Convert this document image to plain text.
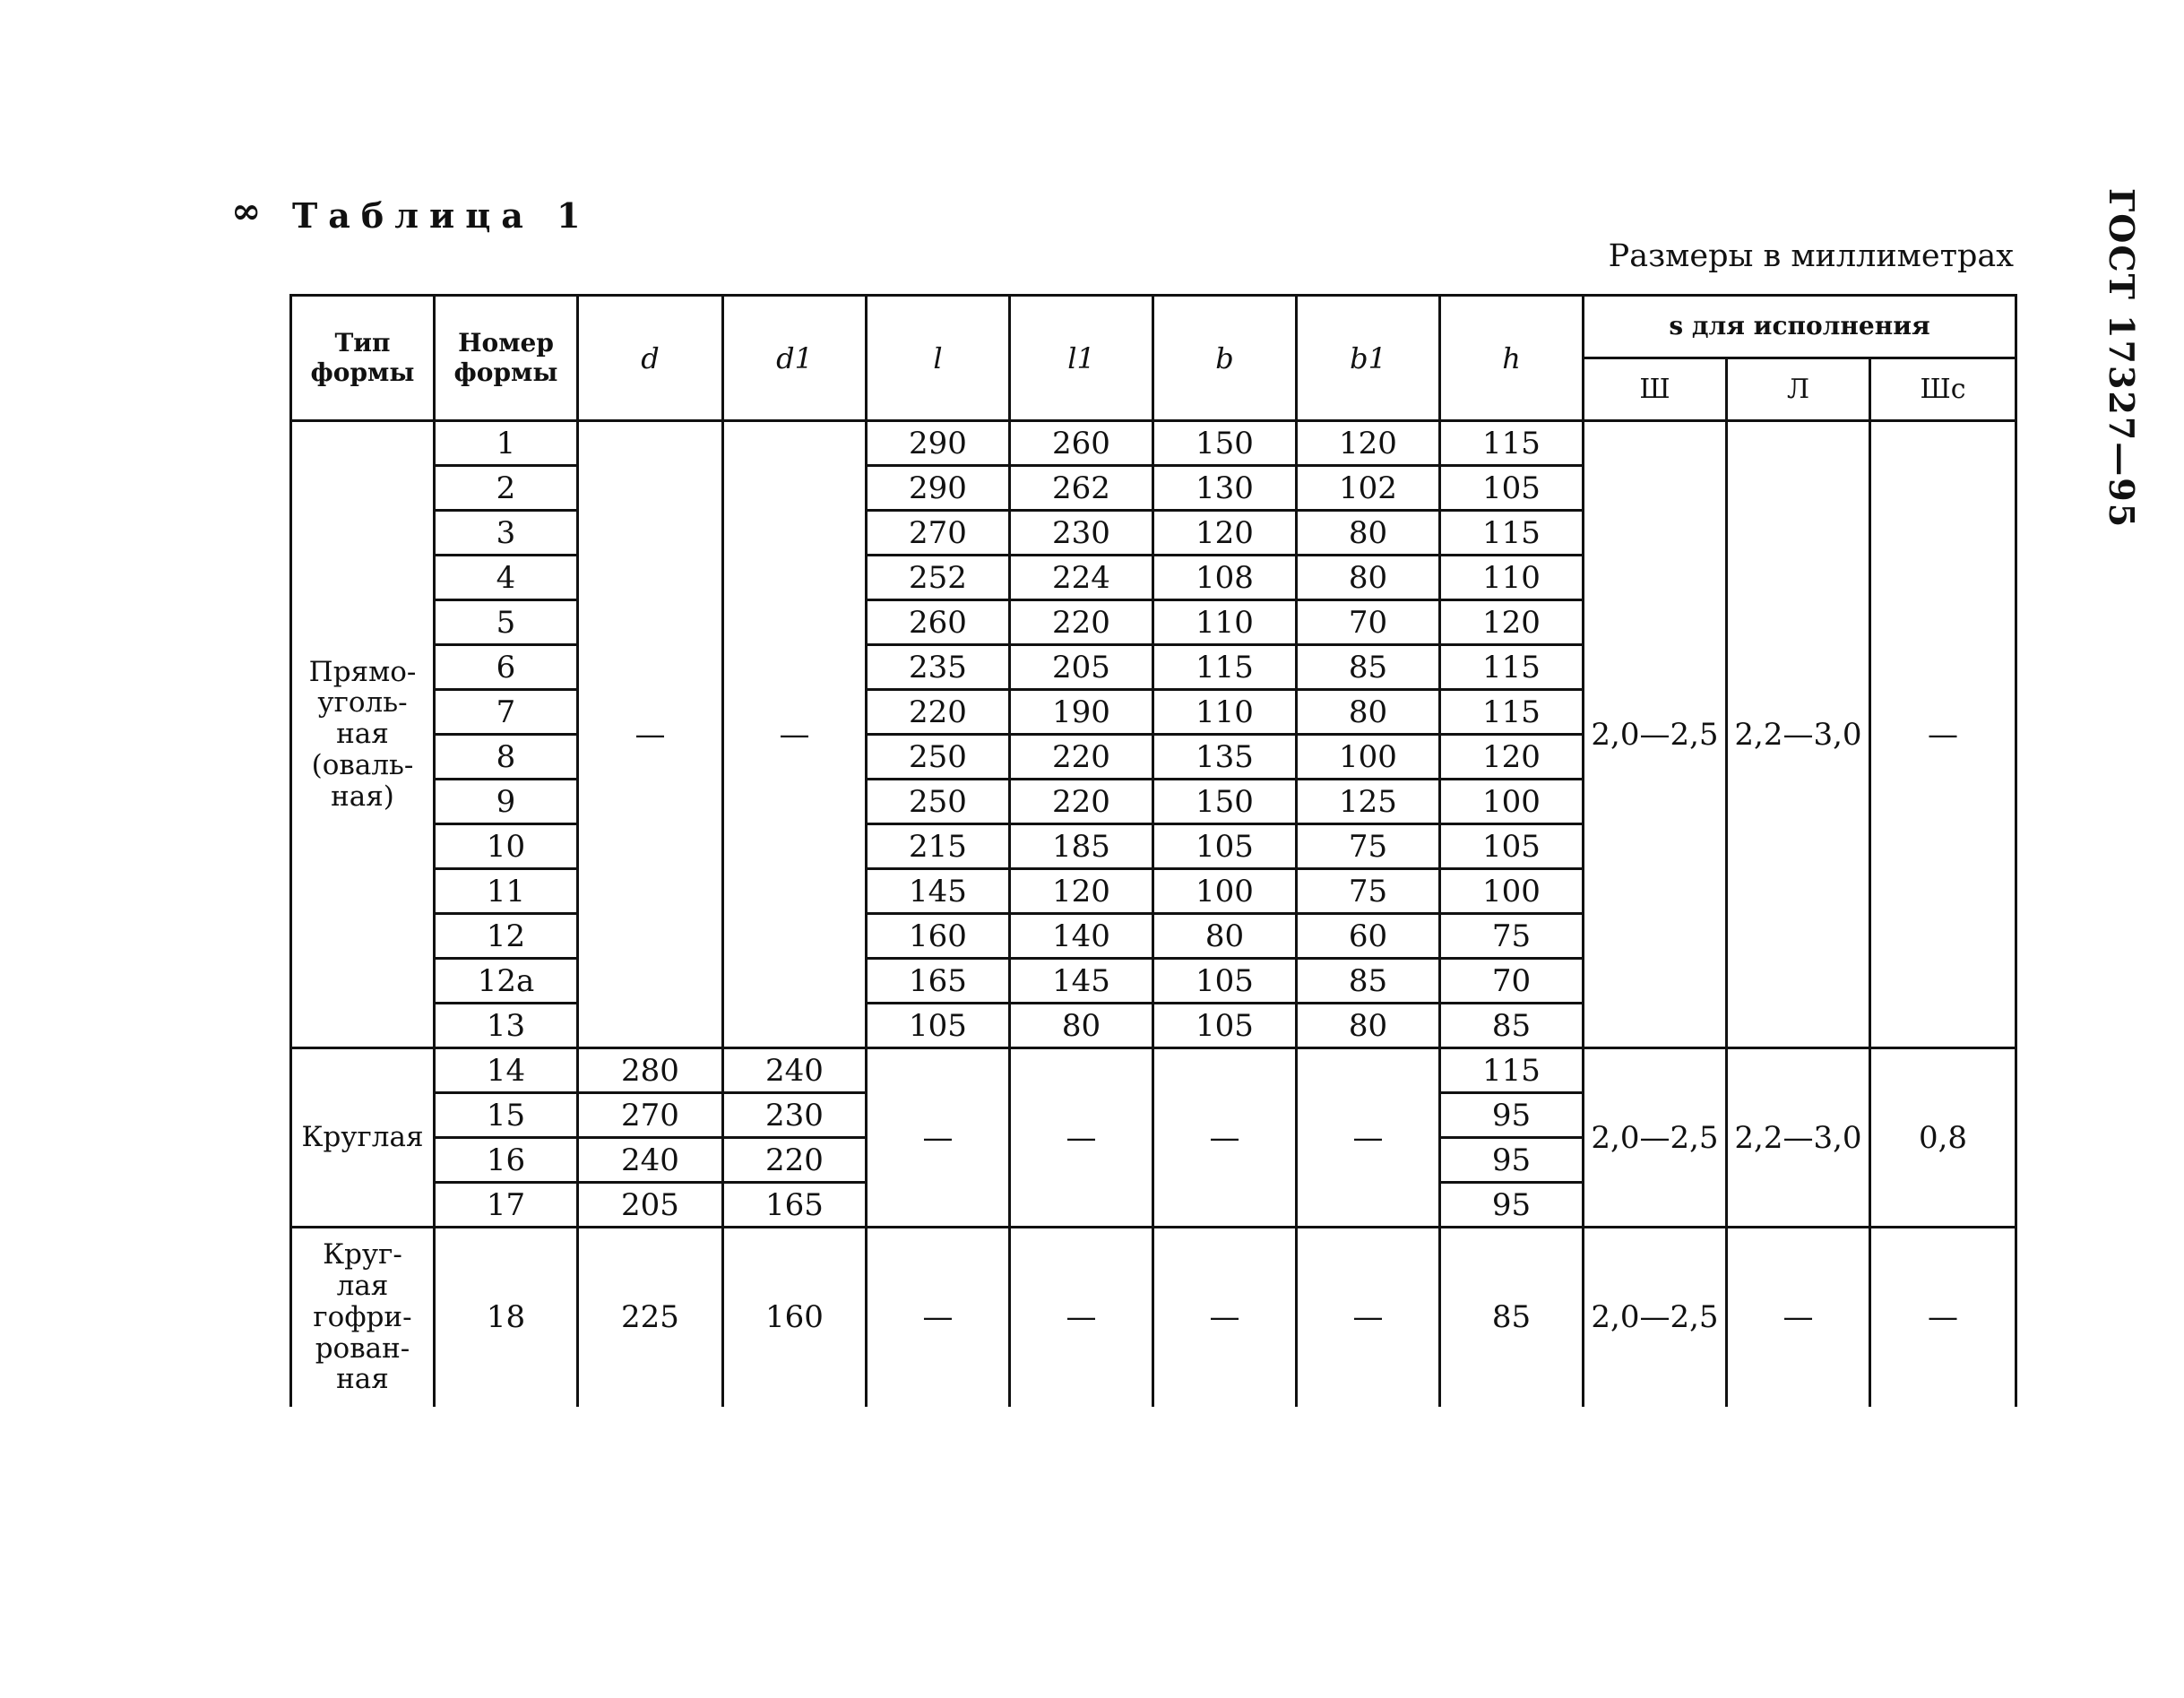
∞ Таблица 1
Размеры в миллиметрах	ГОСТ 17327—95
Тип формы	Номер формы	d	d1	l	l1	b	b1	h	s для исполнения		
									Ш	Л	Шс
Прямо-
уголь-
ная
(оваль-
ная)	1	—	—	290	260	150	120	115	2,0—2,5	2,2—3,0	—
	2			290	262	130	102	105			
	3			270	230	120	80	115			
	4			252	224	108	80	110			
	5			260	220	110	70	120			
	6			235	205	115	85	115			
	7			220	190	110	80	115			
	8			250	220	135	100	120			
	9			250	220	150	125	100			
	10			215	185	105	75	105			
	11			145	120	100	75	100			
	12			160	140	80	60	75			
	12а			165	145	105	85	70			
	13			105	80	105	80	85			
Круглая	14	280	240	—	—	—	—	115	2,0—2,5	2,2—3,0	0,8
	15	270	230					95			
	16	240	220					95			
	17	205	165					95			
Круг-
лая
гофри-
рован-
ная	18	225	160	—	—	—	—	85	2,0—2,5	—	—
